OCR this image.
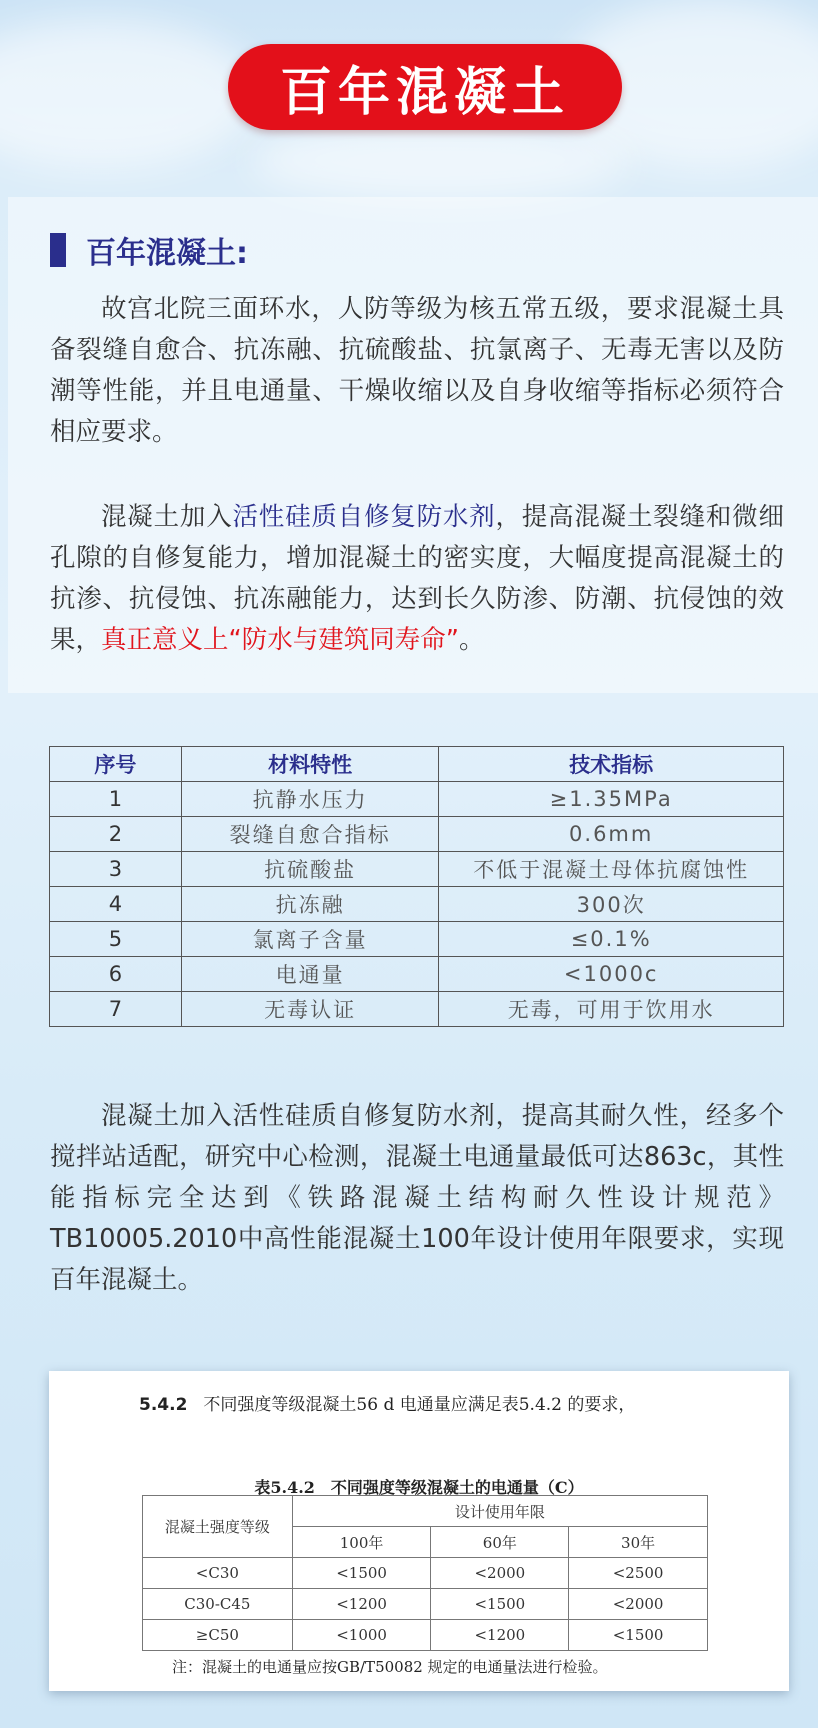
百年混凝土
百年混凝土:
故宫北院三面环水，人防等级为核五常五级，要求混凝土具备裂缝自愈合、抗冻融、抗硫酸盐、抗氯离子、无毒无害以及防潮等性能，并且电通量、干燥收缩以及自身收缩等指标必须符合相应要求。
混凝土加入活性硅质自修复防水剂，提高混凝土裂缝和微细孔隙的自修复能力，增加混凝土的密实度，大幅度提高混凝土的抗渗、抗侵蚀、抗冻融能力，达到长久防渗、防潮、抗侵蚀的效果，真正意义上“防水与建筑同寿命”。
序号	材料特性	技术指标
1	抗静水压力	≥1.35MPa
2	裂缝自愈合指标	0.6mm
3	抗硫酸盐	不低于混凝土母体抗腐蚀性
4	抗冻融	300次
5	氯离子含量	≤0.1%
6	电通量	<1000c
7	无毒认证	无毒，可用于饮用水
混凝土加入活性硅质自修复防水剂，提高其耐久性，经多个搅拌站适配，研究中心检测，混凝土电通量最低可达863c，其性能指标完全达到《铁路混凝土结构耐久性设计规范》TB10005.2010中高性能混凝土100年设计使用年限要求，实现百年混凝土。
5.4.2 不同强度等级混凝土56 d 电通量应满足表5.4.2 的要求，
表5.4.2　不同强度等级混凝土的电通量（C）
混凝土强度等级	设计使用年限		
	100年	60年	30年
<C30	<1500	<2000	<2500
C30-C45	<1200	<1500	<2000
≥C50	<1000	<1200	<1500
注：混凝土的电通量应按GB/T50082 规定的电通量法进行检验。
